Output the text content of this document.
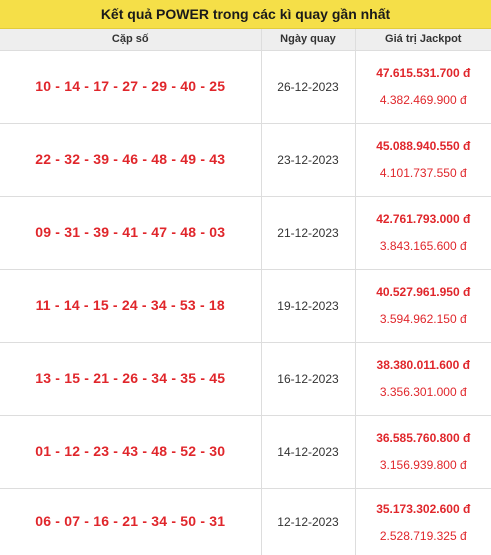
Kết quả POWER trong các kì quay gần nhất
Cặp số	Ngày quay	Giá trị Jackpot
10 - 14 - 17 - 27 - 29 - 40 - 25	26-12-2023	47.615.531.700 đ
4.382.469.900 đ

22 - 32 - 39 - 46 - 48 - 49 - 43	23-12-2023	45.088.940.550 đ
4.101.737.550 đ

09 - 31 - 39 - 41 - 47 - 48 - 03	21-12-2023	42.761.793.000 đ
3.843.165.600 đ

11 - 14 - 15 - 24 - 34 - 53 - 18	19-12-2023	40.527.961.950 đ
3.594.962.150 đ

13 - 15 - 21 - 26 - 34 - 35 - 45	16-12-2023	38.380.011.600 đ
3.356.301.000 đ

01 - 12 - 23 - 43 - 48 - 52 - 30	14-12-2023	36.585.760.800 đ
3.156.939.800 đ

06 - 07 - 16 - 21 - 34 - 50 - 31	12-12-2023	35.173.302.600 đ
2.528.719.325 đ
